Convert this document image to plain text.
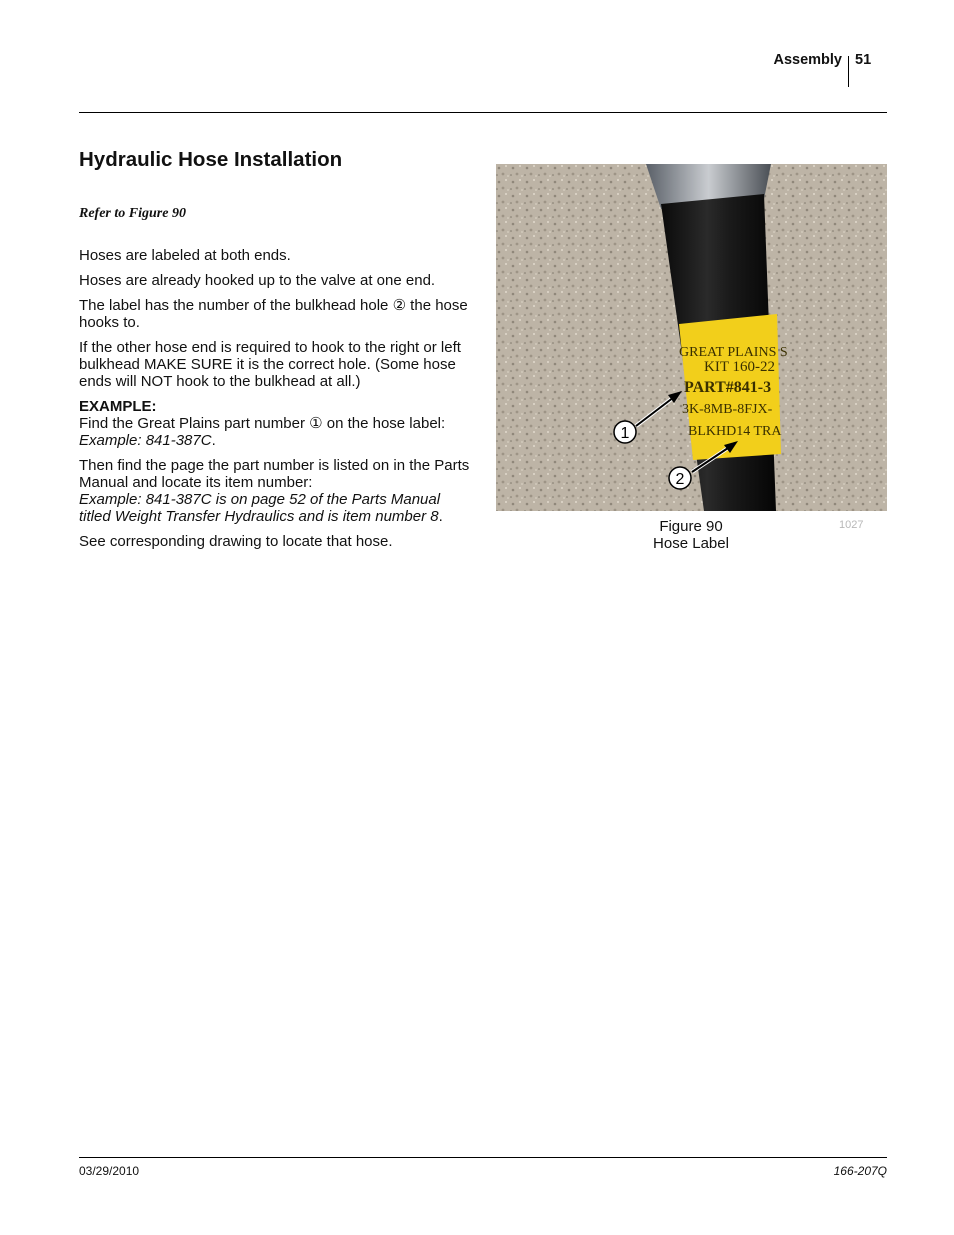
Assembly 51
Hydraulic Hose Installation
Refer to Figure 90

Hoses are labeled at both ends.

Hoses are already hooked up to the valve at one end.

The label has the number of the bulkhead hole ② the hose hooks to.

If the other hose end is required to hook to the right or left bulkhead MAKE SURE it is the correct hole. (Some hose ends will NOT hook to the bulkhead at all.)

EXAMPLE:
Find the Great Plains part number ① on the hose label:
Example: 841-387C.

Then find the page the part number is listed on in the Parts Manual and locate its item number:
Example: 841-387C is on page 52 of the Parts Manual titled Weight Transfer Hydraulics and is item number 8.

See corresponding drawing to locate that hose.

GREAT PLAINS S
KIT 160-22
PART#841-3
3K-8MB-8FJX-
BLKHD14 TRA
1
2
Figure 90
Hose Label
1027
03/29/2010	166-207Q
